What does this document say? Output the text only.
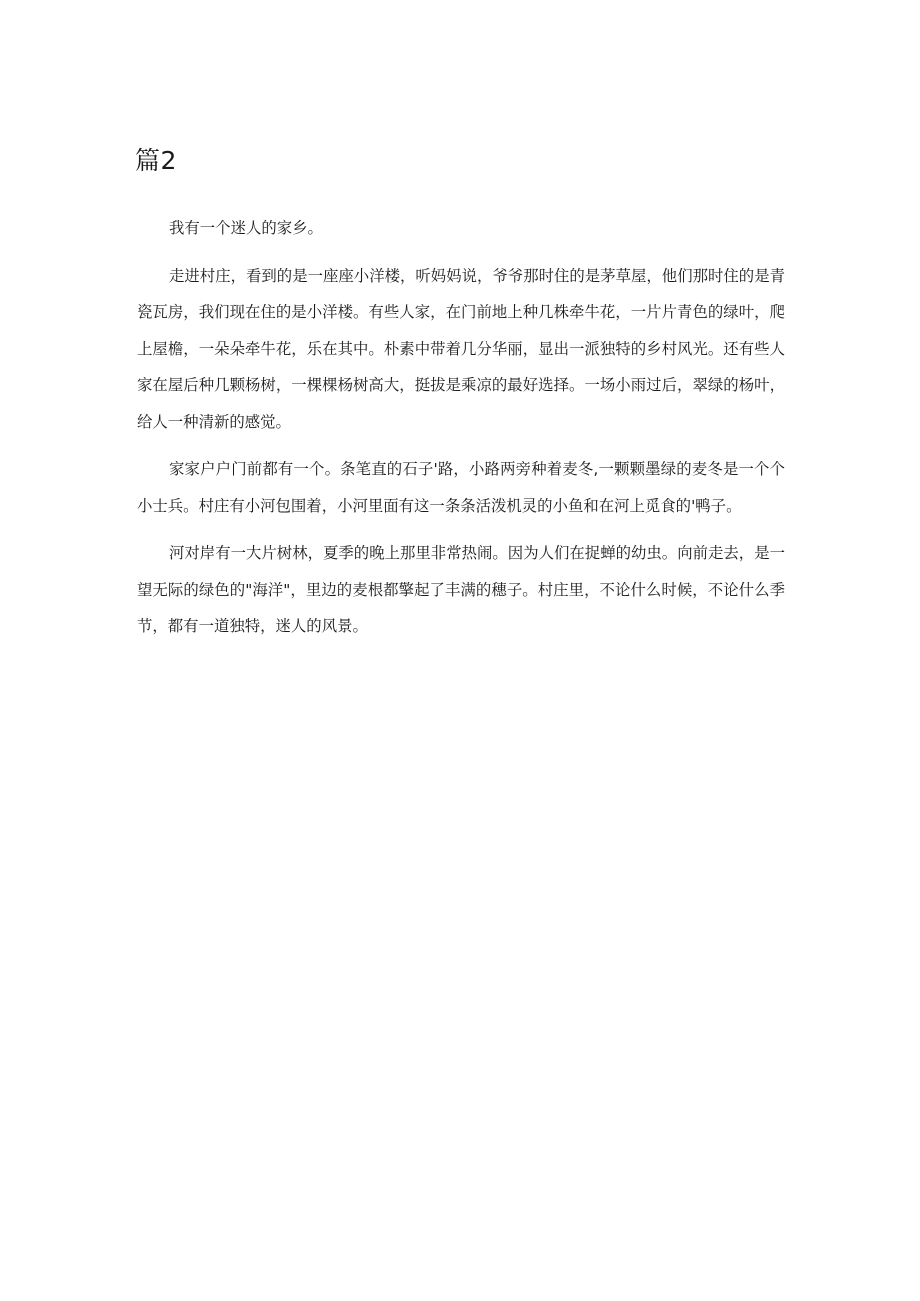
篇2

我有一个迷人的家乡。

走进村庄，看到的是一座座小洋楼，听妈妈说，爷爷那时住的是茅草屋，他们那时住的是青瓷瓦房，我们现在住的是小洋楼。有些人家，在门前地上种几株牵牛花，一片片青色的绿叶，爬上屋檐，一朵朵牵牛花，乐在其中。朴素中带着几分华丽，显出一派独特的乡村风光。还有些人家在屋后种几颗杨树，一棵棵杨树高大，挺拔是乘凉的最好选择。一场小雨过后，翠绿的杨叶，给人一种清新的感觉。

家家户户门前都有一个。条笔直的石子'路，小路两旁种着麦冬,一颗颗墨绿的麦冬是一个个小士兵。村庄有小河包围着，小河里面有这一条条活泼机灵的小鱼和在河上觅食的'鸭子。

河对岸有一大片树林，夏季的晚上那里非常热闹。因为人们在捉蝉的幼虫。向前走去，是一望无际的绿色的"海洋"，里边的麦根都擎起了丰满的穗子。村庄里，不论什么时候，不论什么季节，都有一道独特，迷人的风景。
